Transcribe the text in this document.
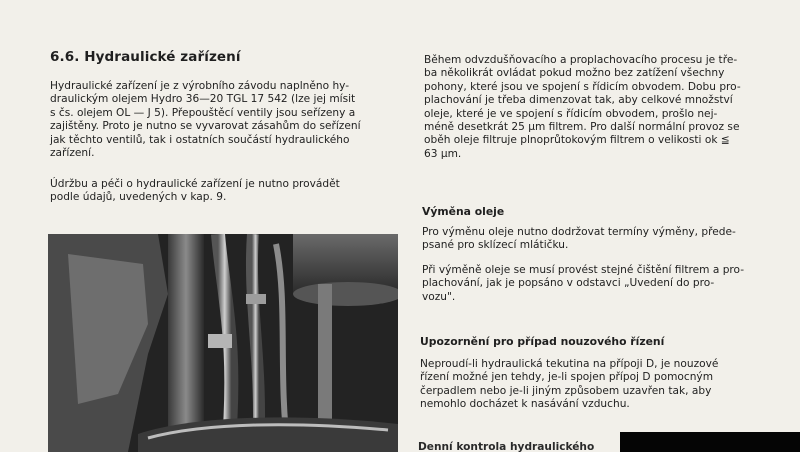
6.6. Hydraulické zařízení

Hydraulické zařízení je z výrobního závodu naplněno hy-
draulickým olejem Hydro 36—20 TGL 17 542 (lze jej mísit
s čs. olejem OL — J 5). Přepouštěcí ventily jsou seřízeny a
zajištěny. Proto je nutno se vyvarovat zásahům do seřízení
jak těchto ventilů, tak i ostatních součástí hydraulického
zařízení.

Údržbu a péči o hydraulické zařízení je nutno provádět
podle údajů, uvedených v kap. 9.

Během odvzdušňovacího a proplachovacího procesu je tře-
ba několikrát ovládat pokud možno bez zatížení všechny
pohony, které jsou ve spojení s řídicím obvodem. Dobu pro-
plachování je třeba dimenzovat tak, aby celkové množství
oleje, které je ve spojení s řídicím obvodem, prošlo nej-
méně desetkrát 25 μm filtrem. Pro další normální provoz se
oběh oleje filtruje plnoprůtokovým filtrem o velikosti ok ≦
63 μm.

Výměna oleje

Pro výměnu oleje nutno dodržovat termíny výměny, přede-
psané pro sklízecí mlátičku.

Při výměně oleje se musí provést stejné čištění filtrem a pro-
plachování, jak je popsáno v odstavci „Uvedení do pro-
vozu".

Upozornění pro případ nouzového řízení

Neproudí-li hydraulická tekutina na přípoji D, je nouzové
řízení možné jen tehdy, je-li spojen přípoj D pomocným
čerpadlem nebo je-li jiným způsobem uzavřen tak, aby
nemohlo docházet k nasávání vzduchu.

Denní kontrola hydraulického
